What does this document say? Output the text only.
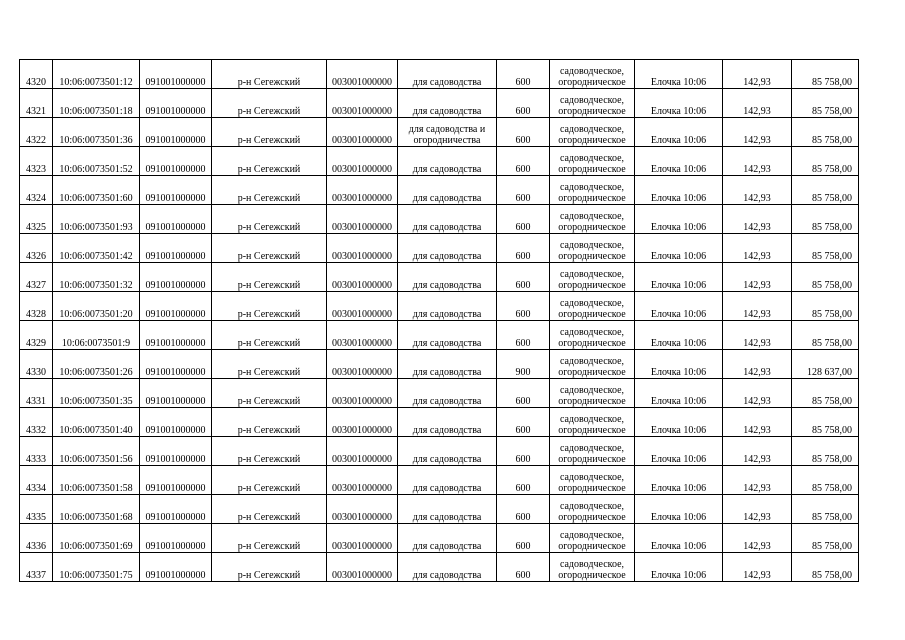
4320	10:06:0073501:12	091001000000	р-н Сегежский	003001000000	для садоводства	600	садоводческое, огородническое	Елочка 10:06	142,93	85 758,00
4321	10:06:0073501:18	091001000000	р-н Сегежский	003001000000	для садоводства	600	садоводческое, огородническое	Елочка 10:06	142,93	85 758,00
4322	10:06:0073501:36	091001000000	р-н Сегежский	003001000000	для садоводства и огородничества	600	садоводческое, огородническое	Елочка 10:06	142,93	85 758,00
4323	10:06:0073501:52	091001000000	р-н Сегежский	003001000000	для садоводства	600	садоводческое, огородническое	Елочка 10:06	142,93	85 758,00
4324	10:06:0073501:60	091001000000	р-н Сегежский	003001000000	для садоводства	600	садоводческое, огородническое	Елочка 10:06	142,93	85 758,00
4325	10:06:0073501:93	091001000000	р-н Сегежский	003001000000	для садоводства	600	садоводческое, огородническое	Елочка 10:06	142,93	85 758,00
4326	10:06:0073501:42	091001000000	р-н Сегежский	003001000000	для садоводства	600	садоводческое, огородническое	Елочка 10:06	142,93	85 758,00
4327	10:06:0073501:32	091001000000	р-н Сегежский	003001000000	для садоводства	600	садоводческое, огородническое	Елочка 10:06	142,93	85 758,00
4328	10:06:0073501:20	091001000000	р-н Сегежский	003001000000	для садоводства	600	садоводческое, огородническое	Елочка 10:06	142,93	85 758,00
4329	10:06:0073501:9	091001000000	р-н Сегежский	003001000000	для садоводства	600	садоводческое, огородническое	Елочка 10:06	142,93	85 758,00
4330	10:06:0073501:26	091001000000	р-н Сегежский	003001000000	для садоводства	900	садоводческое, огородническое	Елочка 10:06	142,93	128 637,00
4331	10:06:0073501:35	091001000000	р-н Сегежский	003001000000	для садоводства	600	садоводческое, огородническое	Елочка 10:06	142,93	85 758,00
4332	10:06:0073501:40	091001000000	р-н Сегежский	003001000000	для садоводства	600	садоводческое, огородническое	Елочка 10:06	142,93	85 758,00
4333	10:06:0073501:56	091001000000	р-н Сегежский	003001000000	для садоводства	600	садоводческое, огородническое	Елочка 10:06	142,93	85 758,00
4334	10:06:0073501:58	091001000000	р-н Сегежский	003001000000	для садоводства	600	садоводческое, огородническое	Елочка 10:06	142,93	85 758,00
4335	10:06:0073501:68	091001000000	р-н Сегежский	003001000000	для садоводства	600	садоводческое, огородническое	Елочка 10:06	142,93	85 758,00
4336	10:06:0073501:69	091001000000	р-н Сегежский	003001000000	для садоводства	600	садоводческое, огородническое	Елочка 10:06	142,93	85 758,00
4337	10:06:0073501:75	091001000000	р-н Сегежский	003001000000	для садоводства	600	садоводческое, огородническое	Елочка 10:06	142,93	85 758,00
